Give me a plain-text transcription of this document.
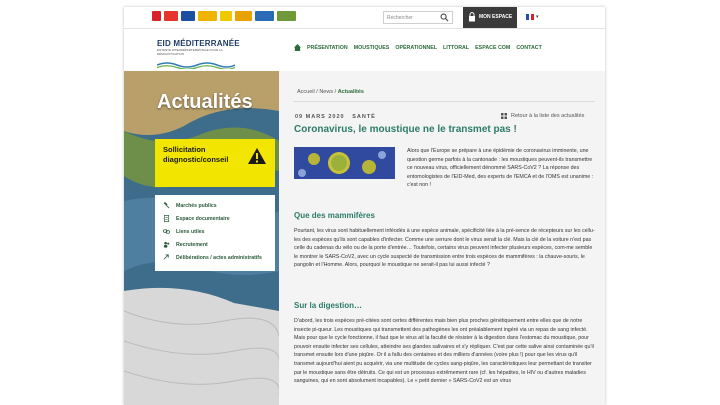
Rechercher	MON ESPACE	▾
EID MÉDITERRANÉE
ENTENTE INTERDÉPARTEMENTALE POUR LA DÉMOUSTICATION
PRÉSENTATION MOUSTIQUES OPÉRATIONNEL LITTORAL ESPACE COM CONTACT
Actualités
Sollicitation diagnostic/conseil
Marchés publics
Espace documentaire
Liens utiles
Recrutement
Délibérations / actes administratifs
Accueil / News / Actualités
09 MARS 2020 SANTÉ	Retour à la liste des actualités
Coronavirus, le moustique ne le transmet pas !
Alors que l'Europe se prépare à une épidémie de coronavirus imminente, une question germe parfois à la cantonade : les moustiques peuvent-ils transmettre ce nouveau virus, officiellement dénommé SARS-CoV2 ? La réponse des entomologistes de l'EID-Med, des experts de l'EMCA et de l'OMS est unanime : c'est non !
Que des mammifères
Pourtant, les virus sont habituellement inféodés à une espèce animale, spécificité liée à la pré-sence de récepteurs sur les cellu-les des espèces qu'ils sont capables d'infecter. Comme une serrure dont le virus serait la clé. Mais la clé de la voiture n'est pas celle du cadenas du vélo ou de la porte d'entrée… Toutefois, certains virus peuvent infecter plusieurs espèces, com-me semble le montrer le SARS-CoV2, avec un cycle suspecté de transmission entre trois espèces de mammifères : la chauve-souris, le pangolin et l'Homme. Alors, pourquoi le moustique ne serait-il pas lui aussi infecté ?
Sur la digestion…
D'abord, les trois espèces pré-citées sont certes différentes mais bien plus proches génétiquement entre elles que de notre insecte pi-queur. Les moustiques qui transmettent des pathogènes les ont préalablement ingéré via un repas de sang infecté. Mais pour que le cycle fonctionne, il faut que le virus ait la faculté de résister à la digestion dans l'estomac du moustique, pour pouvoir ensuite infecter ses cellules, atteindre ses glandes salivaires et s'y répliquer. C'est par cette salive ainsi contaminée qu'il transmet ensuite lors d'une piqûre. Or il a fallu des centaines et des milliers d'années (voire plus !) pour que les virus qu'il transmet aujourd'hui aient pu acquérir, via une multitude de cycles sang-piqûre, les caractéristiques leur permettant de transiter par le moustique sans être détruits. Ce qui est un processus extrêmement rare (cf. les hépatites, le HIV ou d'autres maladies sanguines, qui en sont absolument incapables). Le « petit dernier » SARS-CoV2 est un virus
